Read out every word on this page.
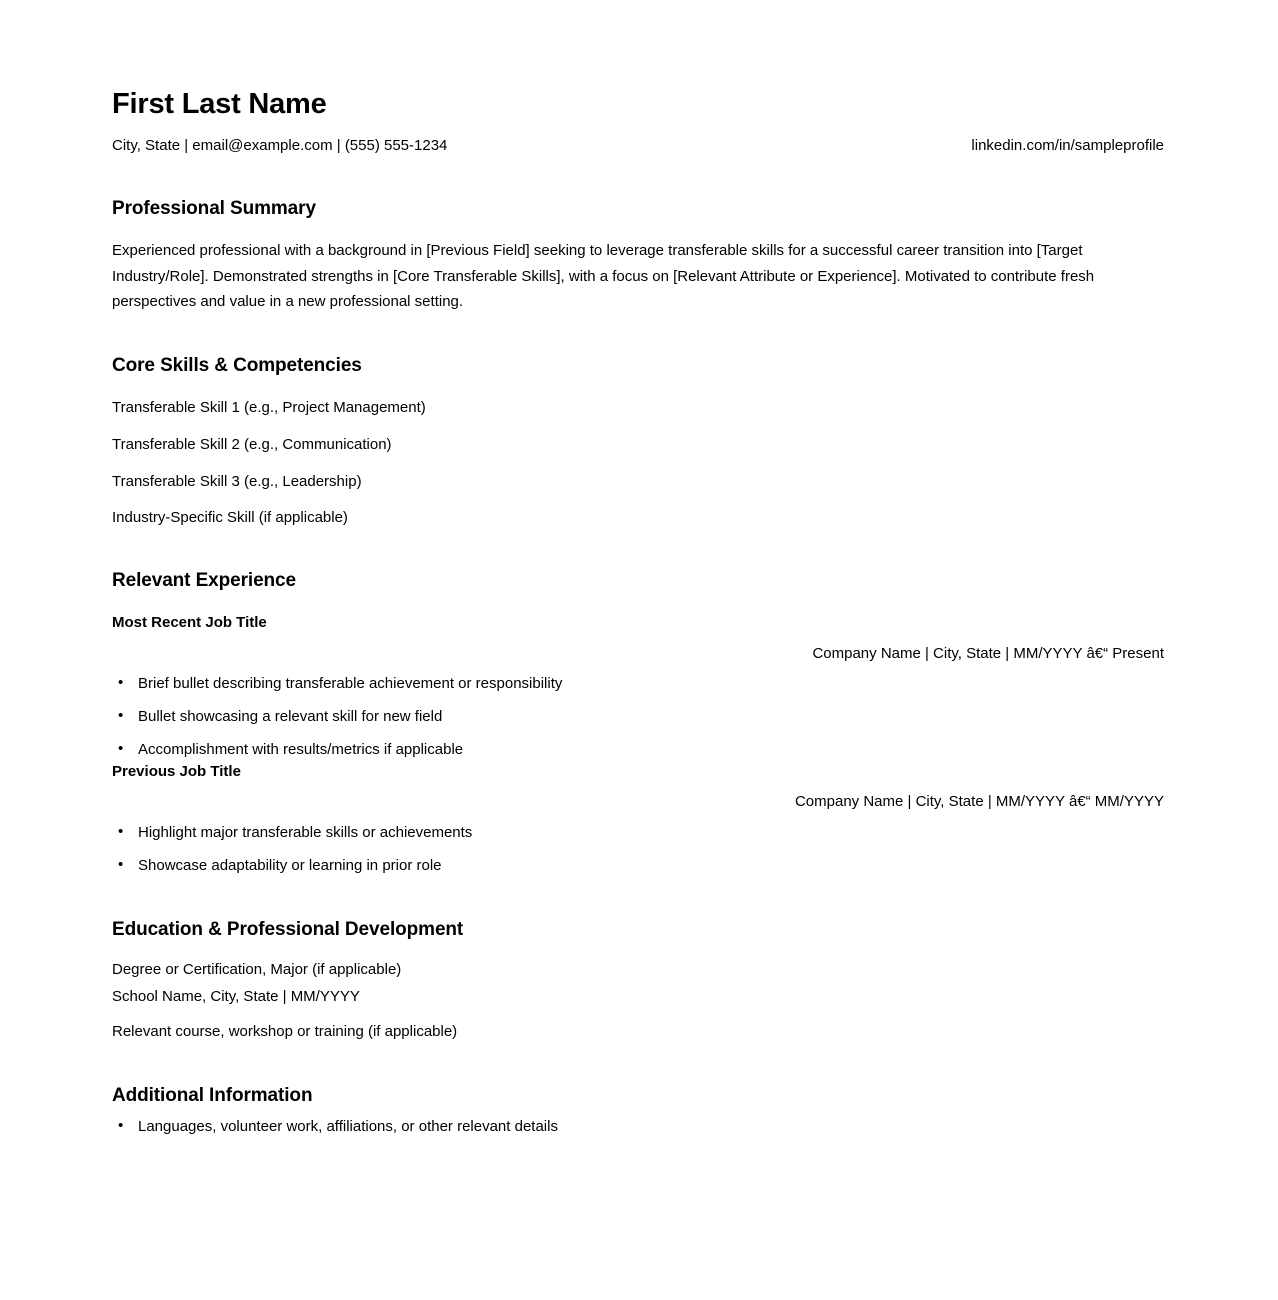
First Last Name
City, State | email@example.com | (555) 555-1234	linkedin.com/in/sampleprofile
Professional Summary

Experienced professional with a background in [Previous Field] seeking to leverage transferable skills for a successful career transition into [Target Industry/Role]. Demonstrated strengths in [Core Transferable Skills], with a focus on [Relevant Attribute or Experience]. Motivated to contribute fresh perspectives and value in a new professional setting.

Core Skills & Competencies

Transferable Skill 1 (e.g., Project Management)

Transferable Skill 2 (e.g., Communication)

Transferable Skill 3 (e.g., Leadership)

Industry-Specific Skill (if applicable)

Relevant Experience

Most Recent Job Title

Company Name | City, State | MM/YYYY â€“ Present

• Brief bullet describing transferable achievement or responsibility
• Bullet showcasing a relevant skill for new field
• Accomplishment with results/metrics if applicable

Previous Job Title

Company Name | City, State | MM/YYYY â€“ MM/YYYY

• Highlight major transferable skills or achievements
• Showcase adaptability or learning in prior role
Education & Professional Development

Degree or Certification, Major (if applicable)

School Name, City, State | MM/YYYY

Relevant course, workshop or training (if applicable)

Additional Information
• Languages, volunteer work, affiliations, or other relevant details
